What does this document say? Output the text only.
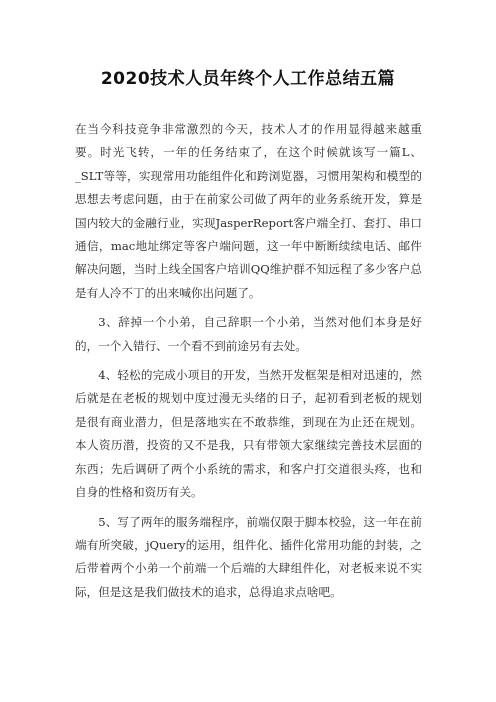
2020技术人员年终个人工作总结五篇

在当今科技竞争非常激烈的今天，技术人才的作用显得越来越重要。时光飞转，一年的任务结束了，在这个时候就该写一篇L、_SLT等等，实现常用功能组件化和跨浏览器，习惯用架构和模型的思想去考虑问题，由于在前家公司做了两年的业务系统开发，算是国内较大的金融行业，实现JasperReport客户端全打、套打、串口通信，mac地址绑定等客户端问题，这一年中断断续续电话、邮件解决问题，当时上线全国客户培训QQ维护群不知远程了多少客户总是有人冷不丁的出来喊你出问题了。

3、辞掉一个小弟，自己辞职一个小弟，当然对他们本身是好的，一个入错行、一个看不到前途另有去处。

4、轻松的完成小项目的开发，当然开发框架是相对迅速的，然后就是在老板的规划中度过漫无头绪的日子，起初看到老板的规划是很有商业潜力，但是落地实在不敢恭维，到现在为止还在规划。本人资历潜，投资的又不是我，只有带领大家继续完善技术层面的东西；先后调研了两个小系统的需求，和客户打交道很头疼，也和自身的性格和资历有关。

5、写了两年的服务端程序，前端仅限于脚本校验，这一年在前端有所突破，jQuery的运用，组件化、插件化常用功能的封装，之后带着两个小弟一个前端一个后端的大肆组件化，对老板来说不实际，但是这是我们做技术的追求，总得追求点啥吧。
